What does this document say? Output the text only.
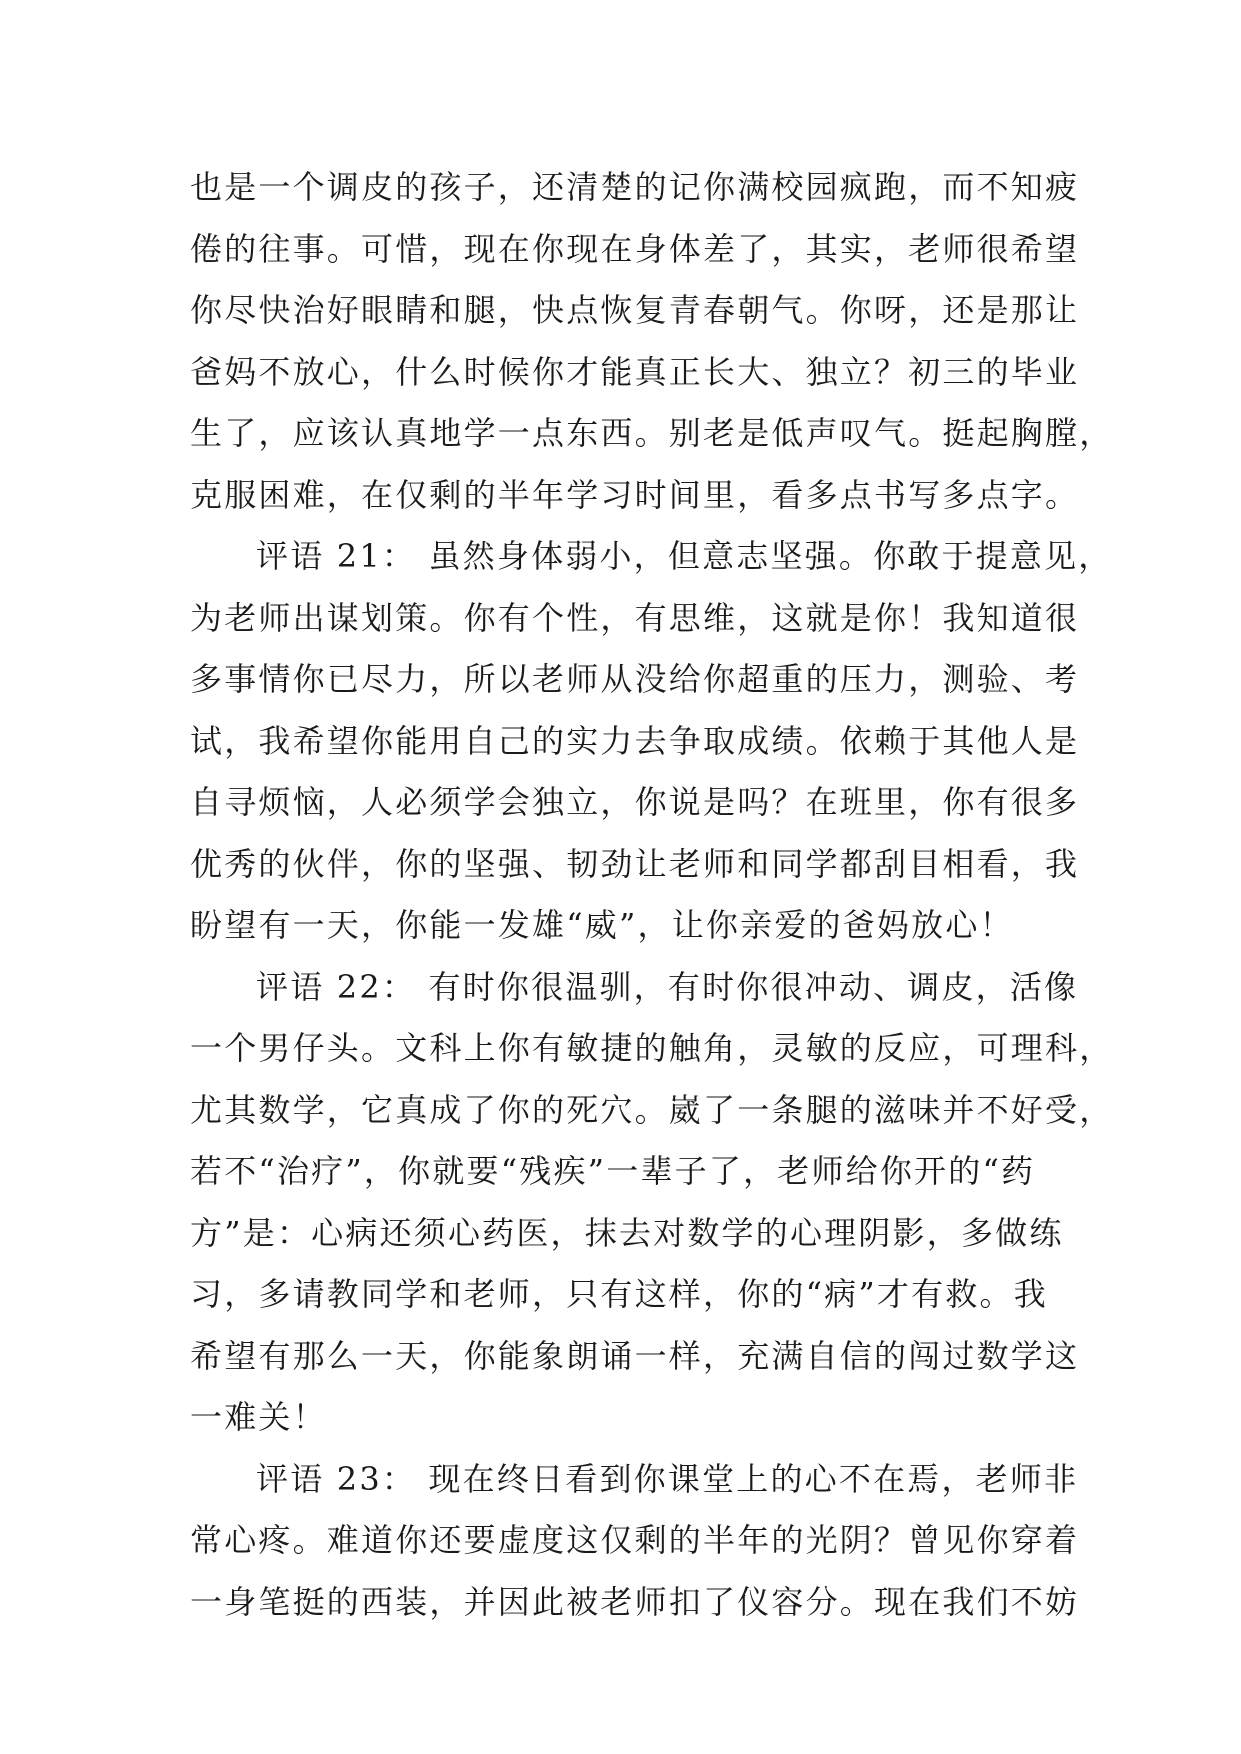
也是一个调皮的孩子，还清楚的记你满校园疯跑，而不知疲
倦的往事。可惜，现在你现在身体差了，其实，老师很希望
你尽快治好眼睛和腿，快点恢复青春朝气。你呀，还是那让
爸妈不放心，什么时候你才能真正长大、独立？初三的毕业
生了，应该认真地学一点东西。别老是低声叹气。挺起胸膛，
克服困难，在仅剩的半年学习时间里，看多点书写多点字。
评语 21： 虽然身体弱小，但意志坚强。你敢于提意见，
为老师出谋划策。你有个性，有思维，这就是你！我知道很
多事情你已尽力，所以老师从没给你超重的压力，测验、考
试，我希望你能用自己的实力去争取成绩。依赖于其他人是
自寻烦恼，人必须学会独立，你说是吗？在班里，你有很多
优秀的伙伴，你的坚强、韧劲让老师和同学都刮目相看，我
盼望有一天，你能一发雄“威”，让你亲爱的爸妈放心！
评语 22： 有时你很温驯，有时你很冲动、调皮，活像
一个男仔头。文科上你有敏捷的触角，灵敏的反应，可理科，
尤其数学，它真成了你的死穴。崴了一条腿的滋味并不好受，
若不“治疗”，你就要“残疾”一辈子了，老师给你开的“药
方”是：心病还须心药医，抹去对数学的心理阴影，多做练
习，多请教同学和老师，只有这样，你的“病”才有救。我
希望有那么一天，你能象朗诵一样，充满自信的闯过数学这
一难关！
评语 23： 现在终日看到你课堂上的心不在焉，老师非
常心疼。难道你还要虚度这仅剩的半年的光阴？曾见你穿着
一身笔挺的西装，并因此被老师扣了仪容分。现在我们不妨
